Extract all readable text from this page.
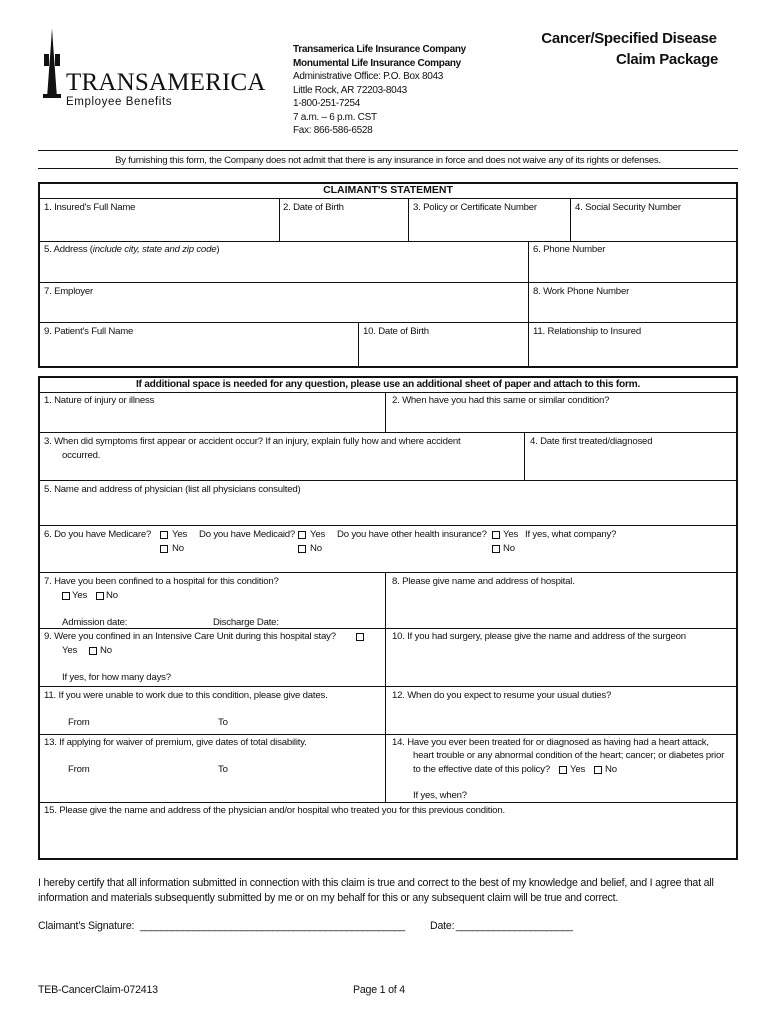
TRANSAMERICA
Employee Benefits
Transamerica Life Insurance Company
Monumental Life Insurance Company
Administrative Office: P.O. Box 8043
Little Rock, AR 72203-8043
1-800-251-7254
7 a.m. – 6 p.m. CST
Fax: 866-586-6528
Cancer/Specified Disease
Claim Package
By furnishing this form, the Company does not admit that there is any insurance in force and does not waive any of its rights or defenses.
CLAIMANT'S STATEMENT
1. Insured's Full Name	2. Date of Birth	3. Policy or Certificate Number	4. Social Security Number
5. Address (include city, state and zip code)	6. Phone Number
7. Employer	8. Work Phone Number
9. Patient's Full Name	10. Date of Birth	11. Relationship to Insured
If additional space is needed for any question, please use an additional sheet of paper and attach to this form.
1. Nature of injury or illness	2. When have you had this same or similar condition?
3. When did symptoms first appear or accident occur? If an injury, explain fully how and where accident
occurred.
4. Date first treated/diagnosed
5. Name and address of physician (list all physicians consulted)
6. Do you have Medicare? Yes
No
Do you have Medicaid? Yes
No
Do you have other health insurance? Yes If yes, what company?
No
7. Have you been confined to a hospital for this condition?
Yes No
Admission date:	Discharge Date:
8. Please give name and address of hospital.
9. Were you confined in an Intensive Care Unit during this hospital stay?
Yes No
If yes, for how many days?
10. If you had surgery, please give the name and address of the surgeon
11. If you were unable to work due to this condition, please give dates.
From	To
12. When do you expect to resume your usual duties?
13. If applying for waiver of premium, give dates of total disability.
From	To
14. Have you ever been treated for or diagnosed as having had a heart attack,
heart trouble or any abnormal condition of the heart; cancer; or diabetes prior
to the effective date of this policy? Yes No
If yes, when?
15. Please give the name and address of the physician and/or hospital who treated you for this previous condition.
I hereby certify that all information submitted in connection with this claim is true and correct to the best of my knowledge and belief, and I agree that all
information and materials subsequently submitted by me or on my behalf for this or any subsequent claim will be true and correct.
Claimant’s Signature: __________________________________________________ Date: ______________________
TEB-CancerClaim-072413	Page 1 of 4
